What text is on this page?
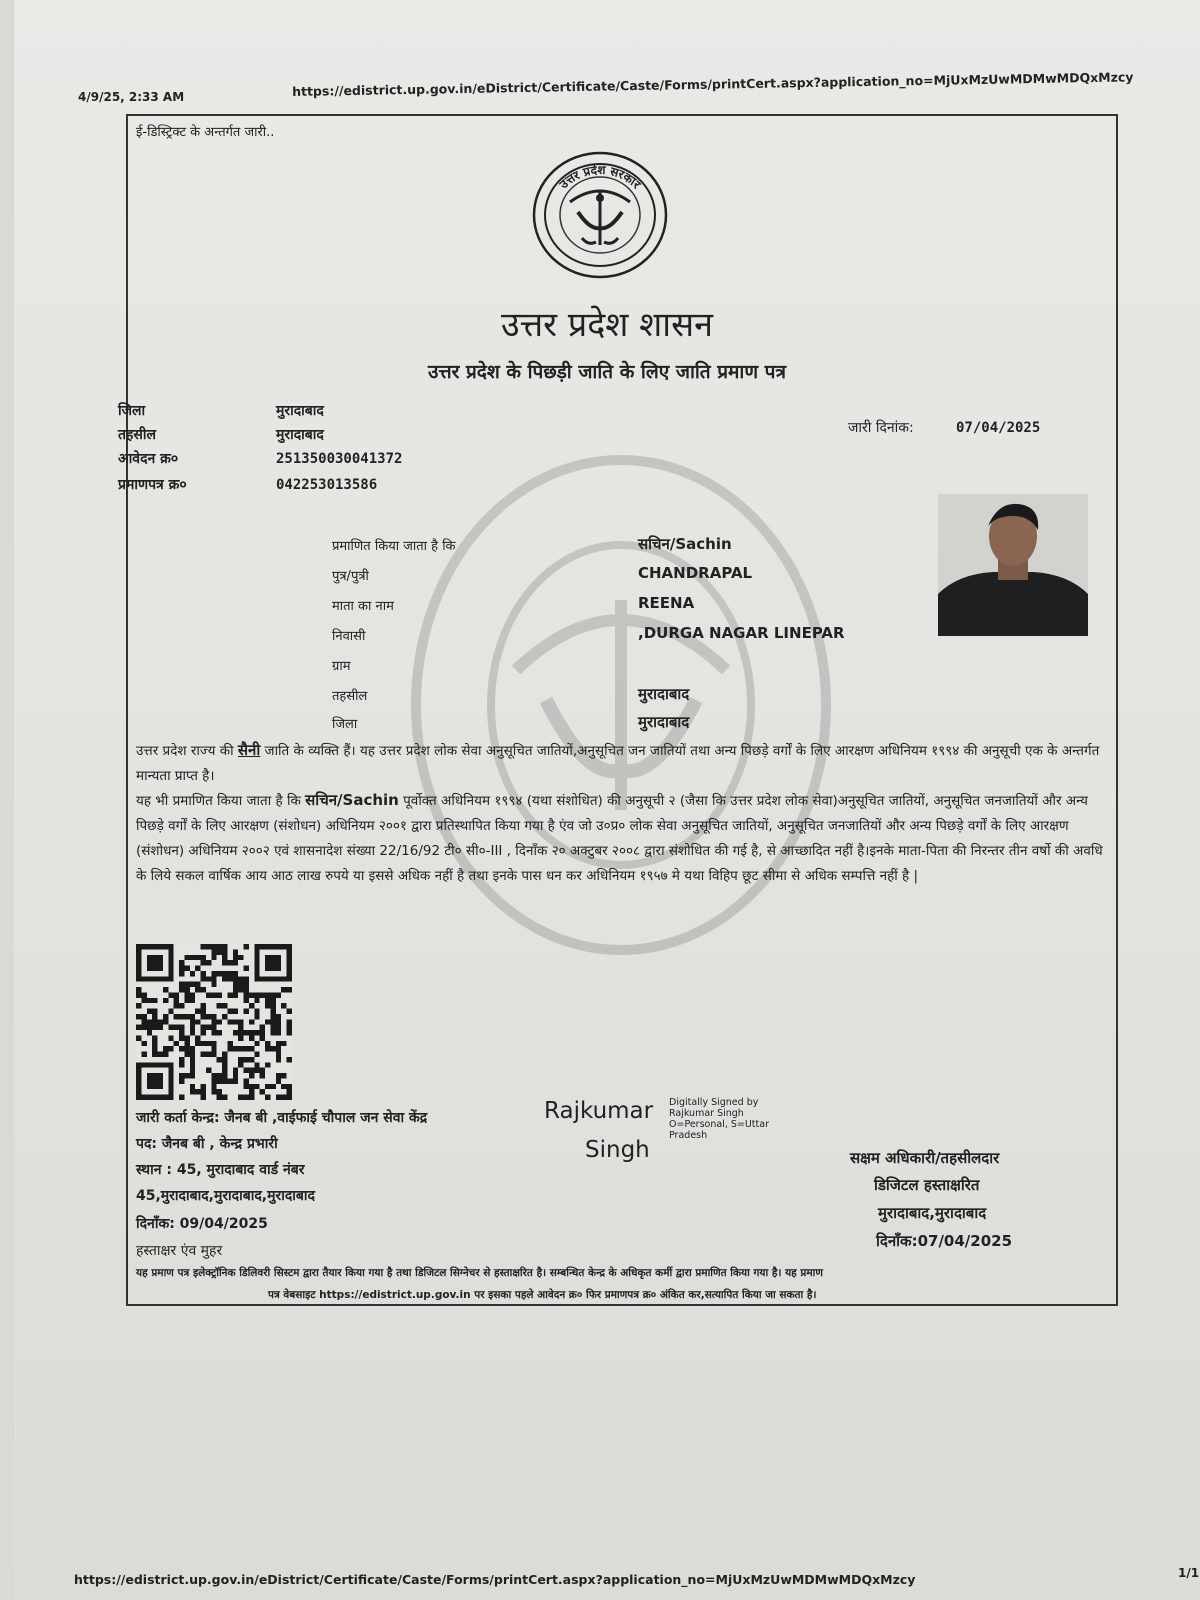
4/9/25, 2:33 AM	https://edistrict.up.gov.in/eDistrict/Certificate/Caste/Forms/printCert.aspx?application_no=MjUxMzUwMDMwMDQxMzcy
ई-डिस्ट्रिक्ट के अन्तर्गत जारी..
उत्तर प्रदेश सरकार
उत्तर प्रदेश शासन
उत्तर प्रदेश के पिछड़ी जाति के लिए जाति प्रमाण पत्र
जिला	मुरादाबाद
तहसील	मुरादाबाद
आवेदन क्र०	251350030041372
प्रमाणपत्र क्र०	042253013586
जारी दिनांक:	07/04/2025
प्रमाणित किया जाता है कि	सचिन/Sachin
पुत्र/पुत्री	CHANDRAPAL
माता का नाम	REENA
निवासी	,DURGA NAGAR LINEPAR
ग्राम
तहसील	मुरादाबाद
जिला	मुरादाबाद
उत्तर प्रदेश राज्य की सैनी जाति के व्यक्ति हैं। यह उत्तर प्रदेश लोक सेवा अनुसूचित जातियों,अनुसूचित जन जातियों तथा अन्य पिछड़े वर्गों के लिए आरक्षण अधिनियम १९९४ की अनुसूची एक के अन्तर्गत मान्यता प्राप्त है।
यह भी प्रमाणित किया जाता है कि सचिन/Sachin पूर्वोक्त अधिनियम १९९४ (यथा संशोधित) की अनुसूची २ (जैसा कि उत्तर प्रदेश लोक सेवा)अनुसूचित जातियों, अनुसूचित जनजातियों और अन्य पिछड़े वर्गों के लिए आरक्षण (संशोधन) अधिनियम २००१ द्वारा प्रतिस्थापित किया गया है एंव जो उ०प्र० लोक सेवा अनुसूचित जातियों, अनुसूचित जनजातियों और अन्य पिछड़े वर्गों के लिए आरक्षण (संशोधन) अधिनियम २००२ एवं शासनादेश संख्या 22/16/92 टी० सी०-III , दिनाँक २० अक्टुबर २००८ द्वारा संशोधित की गई है, से आच्छादित नहीं है।इनके माता-पिता की निरन्तर तीन वर्षो की अवधि के लिये सकल वार्षिक आय आठ लाख रुपये या इससे अधिक नहीं है तथा इनके पास धन कर अधिनियम १९५७ मे यथा विहिप छूट सीमा से अधिक सम्पत्ति नहीं है |
जारी कर्ता केन्द्र: जैनब बी ,वाईफाई चौपाल जन सेवा केंद्र
पद: जैनब बी , केन्द्र प्रभारी
स्थान : 45, मुरादाबाद वार्ड नंबर
45,मुरादाबाद,मुरादाबाद,मुरादाबाद
दिनाँक: 09/04/2025
हस्ताक्षर एंव मुहर
Rajkumar
Singh
Digitally Signed by
Rajkumar Singh
O=Personal, S=Uttar
Pradesh
सक्षम अधिकारी/तहसीलदार
डिजिटल हस्ताक्षरित
मुरादाबाद,मुरादाबाद
दिनाँक:07/04/2025
यह प्रमाण पत्र इलेक्ट्रॉनिक डिलिवरी सिस्टम द्वारा तैयार किया गया है तथा डिजिटल सिग्नेचर से हस्ताक्षरित है। सम्बन्धित केन्द्र के अधिकृत कर्मी द्वारा प्रमाणित किया गया है। यह प्रमाण
पत्र वेबसाइट https://edistrict.up.gov.in पर इसका पहले आवेदन क्र० फिर प्रमाणपत्र क्र० अंकित कर,सत्यापित किया जा सकता है।
https://edistrict.up.gov.in/eDistrict/Certificate/Caste/Forms/printCert.aspx?application_no=MjUxMzUwMDMwMDQxMzcy	1/1
